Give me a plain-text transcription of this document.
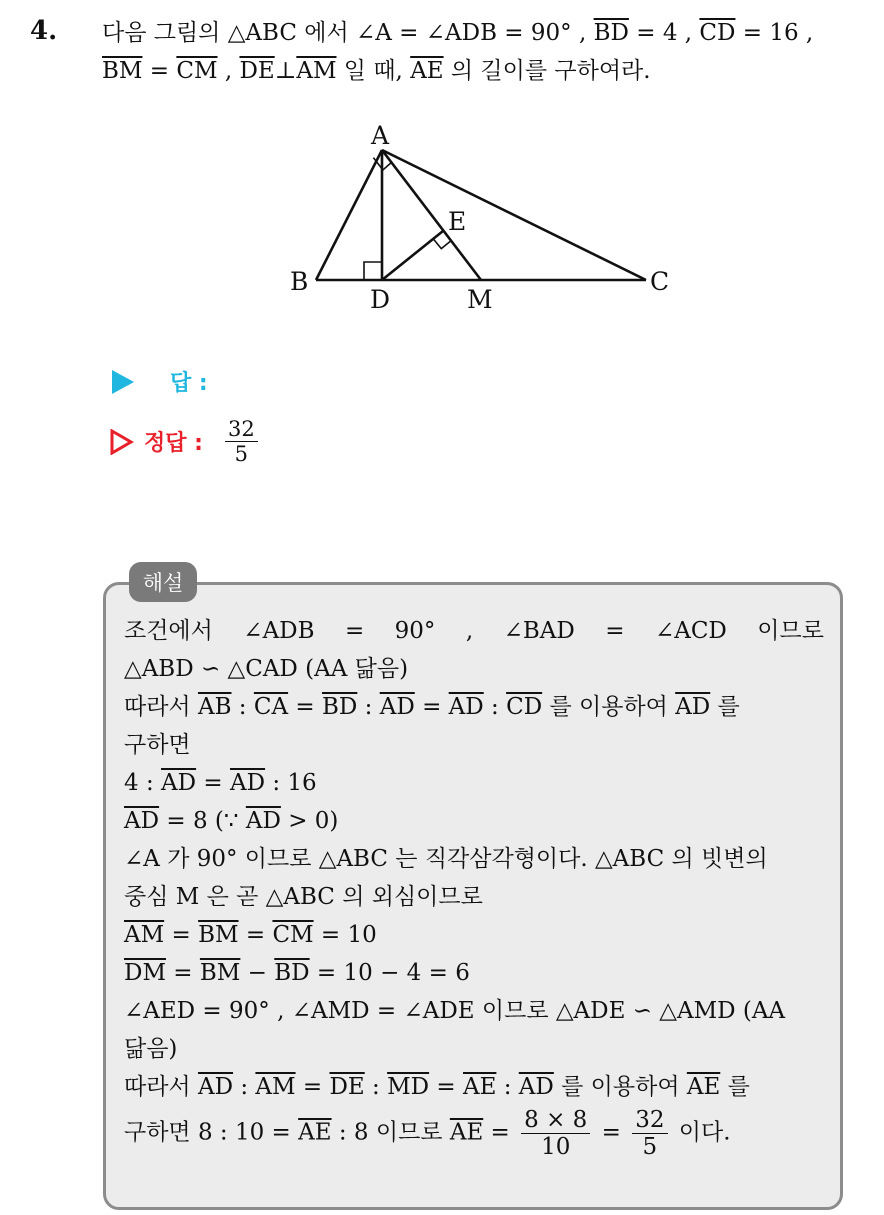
4. 다음 그림의 △ABC 에서 ∠A = ∠ADB = 90° , $\overline{BD} = 4$ , $\overline{CD} = 16$ ,
$\overline{BM} = \overline{CM}$ , $\overline{DE}\perp\overline{AM}$ 일 때, $\overline{AE}$ 의 길이를 구하여라.
A
B	C
D
E
M
답 :
정답 : $\frac{32}{5}$
해설
조건에서 ∠ADB = 90° , ∠BAD = ∠ACD 이므로
△ABD ∽ △CAD (AA 닮음)
따라서 $\overline{AB}$ : $\overline{CA} = \overline{BD}$ : $\overline{AD} = \overline{AD}$ : $\overline{CD}$ 를 이용하여 $\overline{AD}$ 를
구하면
4 : $\overline{AD} = \overline{AD}$ : 16
$\overline{AD} = 8$ (∵ $\overline{AD} > 0$)
∠A 가 90° 이므로 △ABC 는 직각삼각형이다. △ABC 의 빗변의
중심 M 은 곧 △ABC 의 외심이므로
$\overline{AM} = \overline{BM} = \overline{CM} = 10$
$\overline{DM} = \overline{BM} - \overline{BD} = 10 - 4 = 6$
∠AED = 90° , ∠AMD = ∠ADE 이므로 △ADE ∽ △AMD (AA
닮음)
따라서 $\overline{AD}$ : $\overline{AM} = \overline{DE}$ : $\overline{MD} = \overline{AE}$ : $\overline{AD}$ 를 이용하여 $\overline{AE}$ 를
구하면 8 : $10 = \overline{AE}$ : 8 이므로 $\overline{AE} = \frac{8 \times 8}{10} = \frac{32}{5}$ 이다.
